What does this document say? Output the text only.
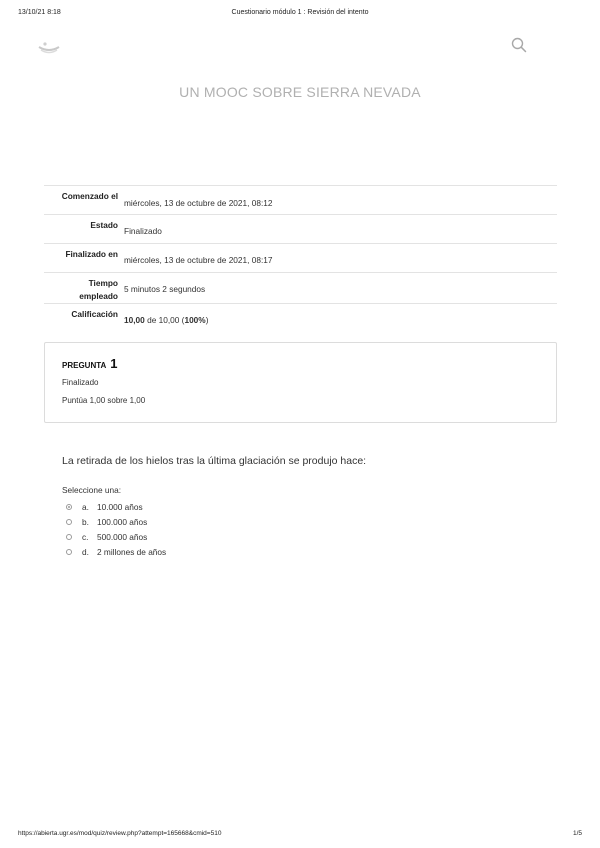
13/10/21 8:18	Cuestionario módulo 1 : Revisión del intento
UN MOOC SOBRE SIERRA NEVADA
Comenzado el	miércoles, 13 de octubre de 2021, 08:12
Estado	Finalizado
Finalizado en	miércoles, 13 de octubre de 2021, 08:17
Tiempo
empleado	5 minutos 2 segundos
Calificación	10,00 de 10,00 (100%)
PREGUNTA 1
Finalizado
Puntúa 1,00 sobre 1,00
La retirada de los hielos tras la última glaciación se produjo hace:
Seleccione una:
a. 10.000 años
b. 100.000 años
c.	500.000 años
d. 2 millones de años
https://abierta.ugr.es/mod/quiz/review.php?attempt=165668&cmid=510	1/5
